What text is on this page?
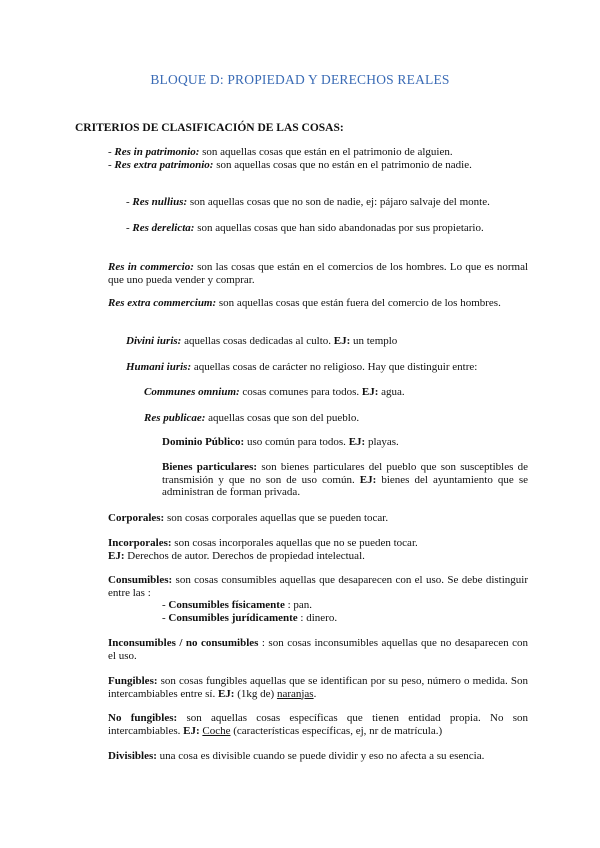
BLOQUE D: PROPIEDAD Y DERECHOS REALES

CRITERIOS DE CLASIFICACIÓN DE LAS COSAS:

- Res in patrimonio: son aquellas cosas que están en el patrimonio de alguien.

- Res extra patrimonio: son aquellas cosas que no están en el patrimonio de nadie.

- Res nullius: son aquellas cosas que no son de nadie, ej: pájaro salvaje del monte.

- Res derelicta: son aquellas cosas que han sido abandonadas por sus propietario.

Res in commercio: son las cosas que están en el comercios de los hombres. Lo que es normal que uno pueda vender y comprar.

Res extra commercium: son aquellas cosas que están fuera del comercio de los hombres.

Divini iuris: aquellas cosas dedicadas al culto. EJ: un templo

Humani iuris: aquellas cosas de carácter no religioso. Hay que distinguir entre:

Communes omnium: cosas comunes para todos. EJ: agua.

Res publicae: aquellas cosas que son del pueblo.

Dominio Público: uso común para todos. EJ: playas.

Bienes particulares: son bienes particulares del pueblo que son susceptibles de transmisión y que no son de uso común. EJ: bienes del ayuntamiento que se administran de forman privada.

Corporales: son cosas corporales aquellas que se pueden tocar.

Incorporales: son cosas incorporales aquellas que no se pueden tocar.
EJ: Derechos de autor. Derechos de propiedad intelectual.

Consumibles: son cosas consumibles aquellas que desaparecen con el uso. Se debe distinguir entre las :

- Consumibles físicamente : pan.

- Consumibles jurídicamente : dinero.

Inconsumibles / no consumibles : son cosas inconsumibles aquellas que no desaparecen con el uso.

Fungibles: son cosas fungibles aquellas que se identifican por su peso, número o medida. Son intercambiables entre sí. EJ: (1kg de) naranjas.

No fungibles: son aquellas cosas específicas que tienen entidad propia. No son intercambiables. EJ: Coche (características específicas, ej, nr de matrícula.)

Divisibles: una cosa es divisible cuando se puede dividir y eso no afecta a su esencia.
